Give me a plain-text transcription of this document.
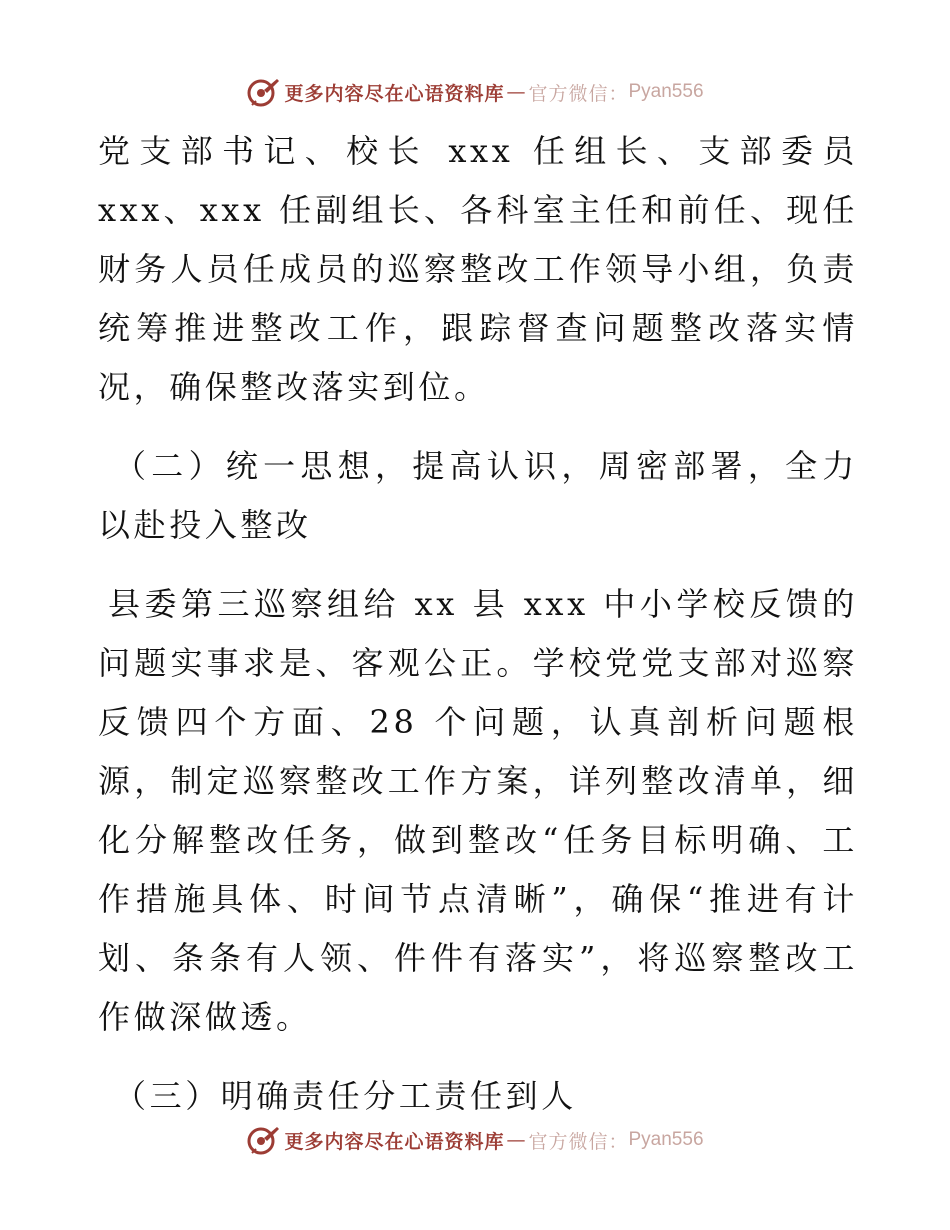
更多内容尽在心语资料库 — 官方微信： Pyan556

党支部书记、校长 xxx 任组长、支部委员 xxx、xxx 任副组长、各科室主任和前任、现任财务人员任成员的巡察整改工作领导小组，负责统筹推进整改工作，跟踪督查问题整改落实情况，确保整改落实到位。

（二）统一思想，提高认识，周密部署，全力以赴投入整改

县委第三巡察组给 xx 县 xxx 中小学校反馈的问题实事求是、客观公正。学校党党支部对巡察反馈四个方面、28 个问题，认真剖析问题根源，制定巡察整改工作方案，详列整改清单，细化分解整改任务，做到整改“任务目标明确、工作措施具体、时间节点清晰”，确保“推进有计划、条条有人领、件件有落实”，将巡察整改工作做深做透。

（三）明确责任分工责任到人

更多内容尽在心语资料库 — 官方微信： Pyan556
